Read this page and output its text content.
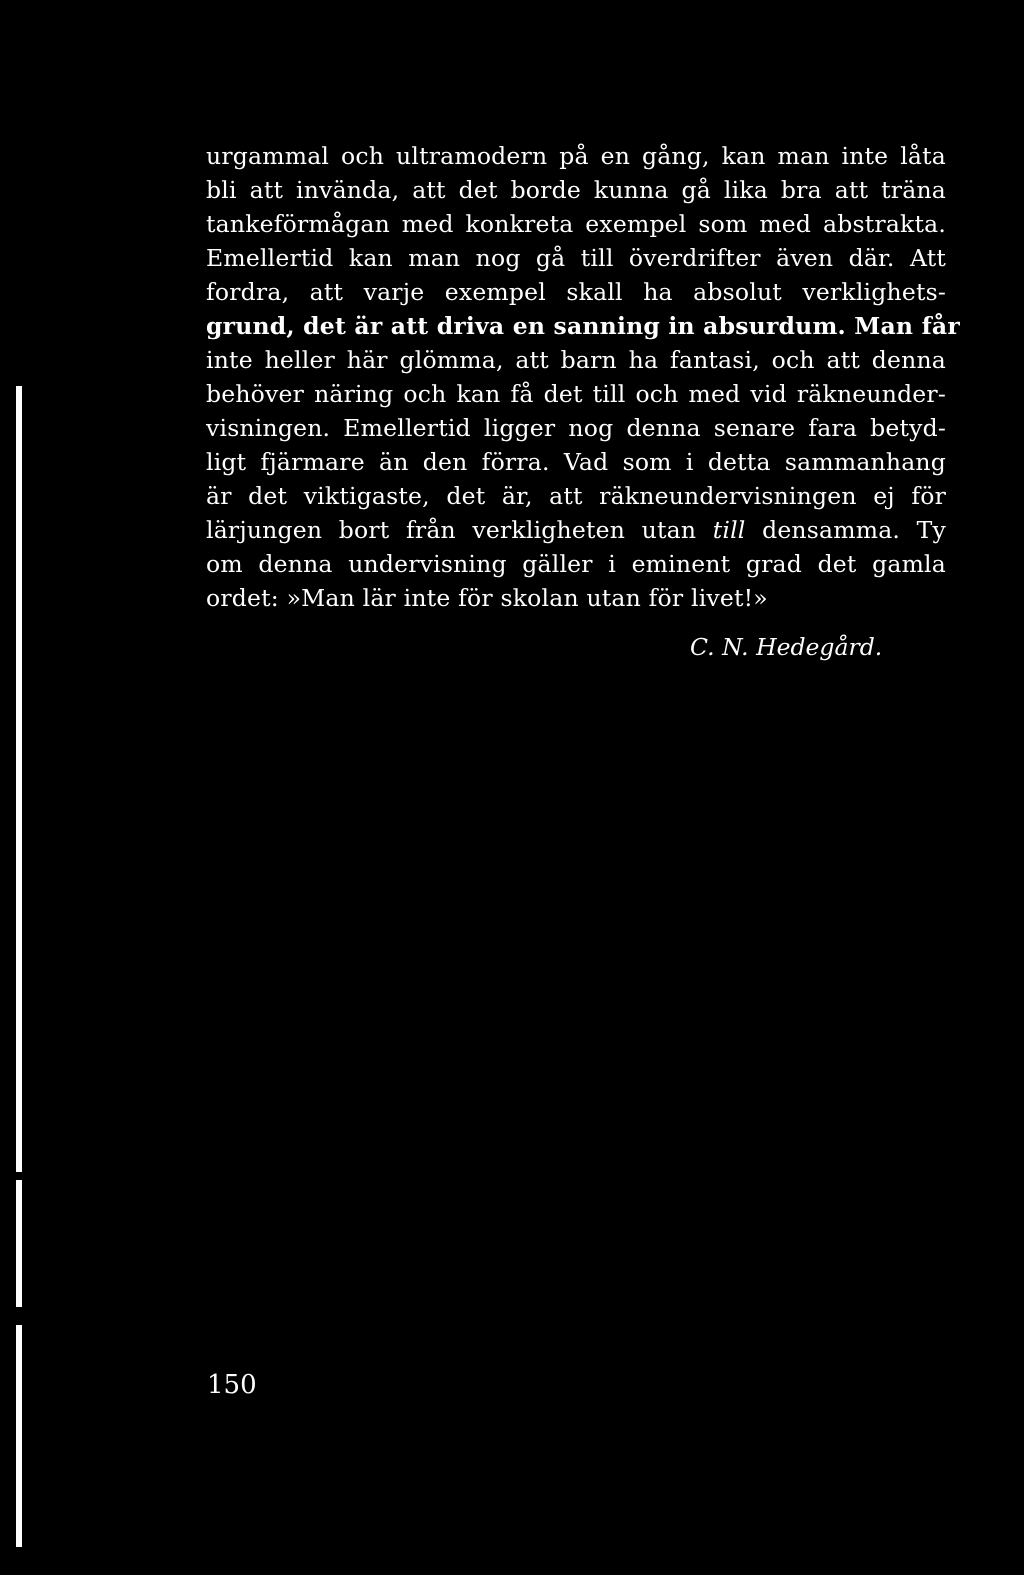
urgammal och ultramodern på en gång, kan man inte låta
bli att invända, att det borde kunna gå lika bra att träna
tankeförmågan med konkreta exempel som med abstrakta.
Emellertid kan man nog gå till överdrifter även där. Att
fordra, att varje exempel skall ha absolut verklighets-
grund, det är att driva en sanning in absurdum. Man får
inte heller här glömma, att barn ha fantasi, och att denna
behöver näring och kan få det till och med vid räkneunder-
visningen. Emellertid ligger nog denna senare fara betyd-
ligt fjärmare än den förra. Vad som i detta sammanhang
är det viktigaste, det är, att räkneundervisningen ej för
lärjungen bort från verkligheten utan till densamma. Ty
om denna undervisning gäller i eminent grad det gamla
ordet: »Man lär inte för skolan utan för livet!»
C. N. Hedegård.
150
